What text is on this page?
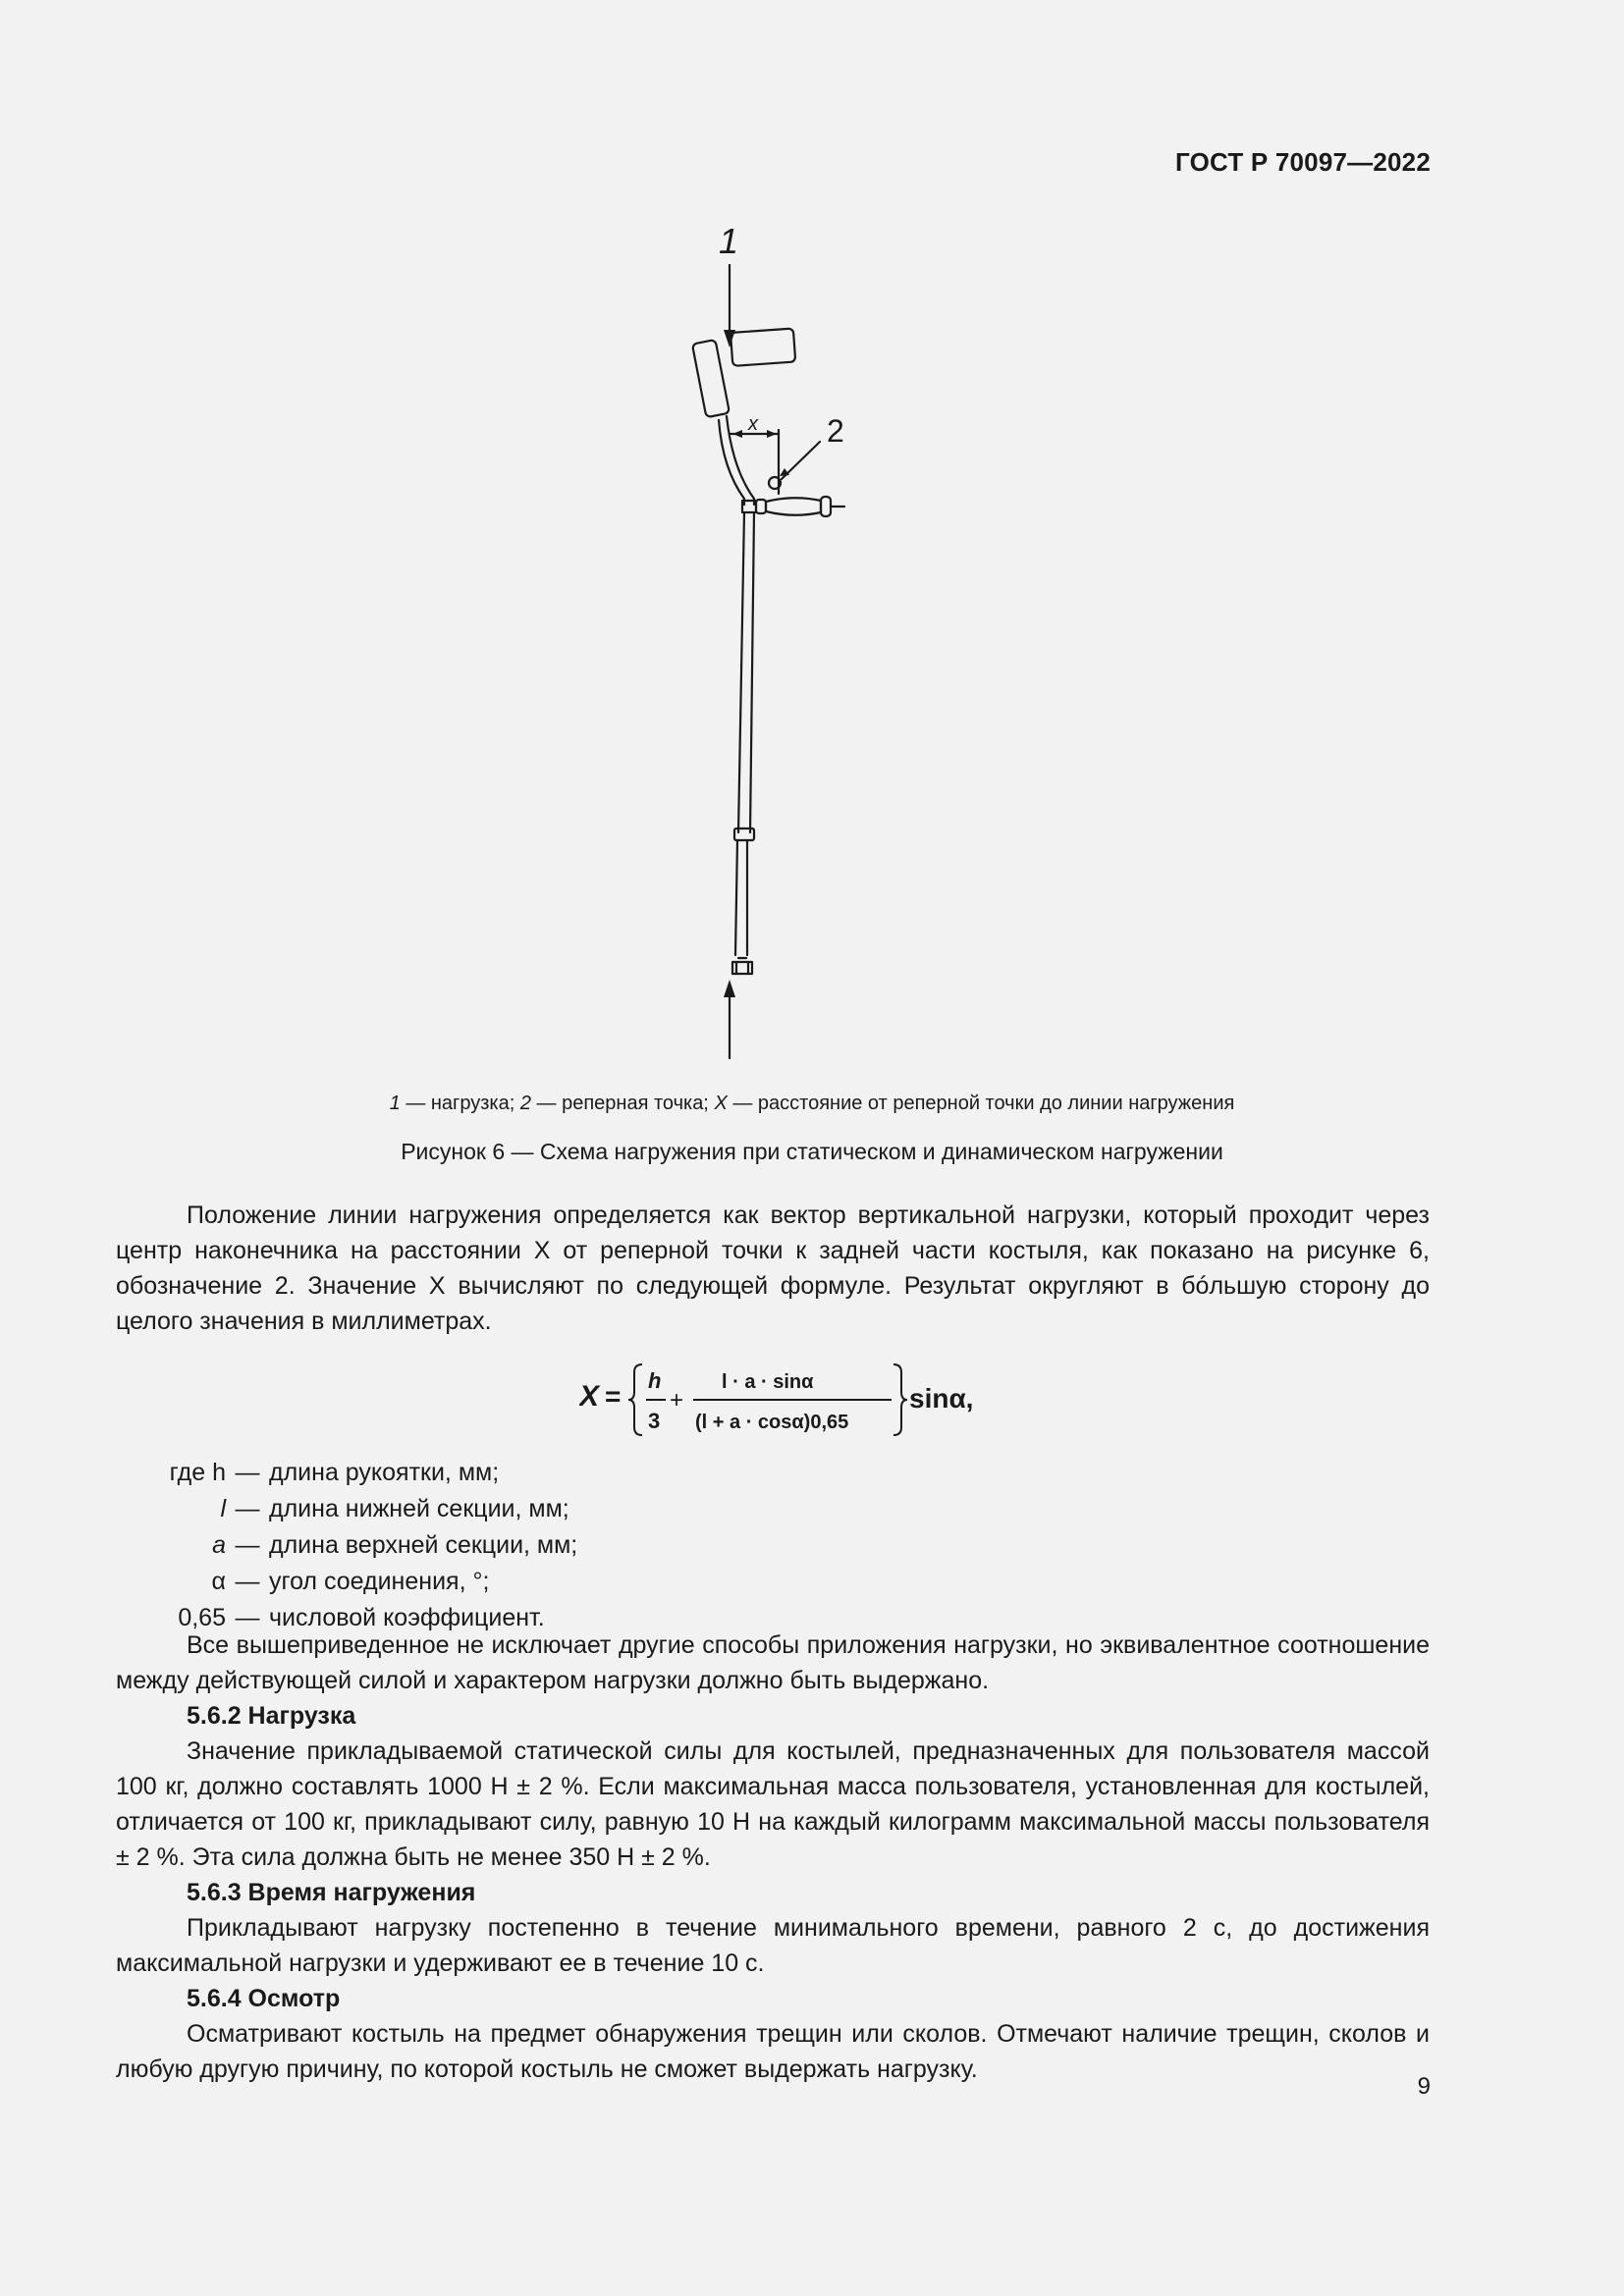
ГОСТ Р 70097—2022
1
x 2
1 — нагрузка; 2 — реперная точка; X — расстояние от реперной точки до линии нагружения
Рисунок 6 — Схема нагружения при статическом и динамическом нагружении

Положение линии нагружения определяется как вектор вертикальной нагрузки, который проходит через центр наконечника на расстоянии X от реперной точки к задней части костыля, как показано на рисунке 6, обозначение 2. Значение X вычисляют по следующей формуле. Результат округляют в бóльшую сторону до целого значения в миллиметрах.

X =
h
3
+
l · a · sinα
(l + a · cosα)0,65
sinα,
где h — длина рукоятки, мм;
l — длина нижней секции, мм;
a — длина верхней секции, мм;
α — угол соединения, °;
0,65 — числовой коэффициент.

Все вышеприведенное не исключает другие способы приложения нагрузки, но эквивалентное соотношение между действующей силой и характером нагрузки должно быть выдержано.

5.6.2 Нагрузка

Значение прикладываемой статической силы для костылей, предназначенных для пользователя массой 100 кг, должно составлять 1000 Н ± 2 %. Если максимальная масса пользователя, установленная для костылей, отличается от 100 кг, прикладывают силу, равную 10 Н на каждый килограмм максимальной массы пользователя ± 2 %. Эта сила должна быть не менее 350 Н ± 2 %.

5.6.3 Время нагружения

Прикладывают нагрузку постепенно в течение минимального времени, равного 2 с, до достижения максимальной нагрузки и удерживают ее в течение 10 с.

5.6.4 Осмотр

Осматривают костыль на предмет обнаружения трещин или сколов. Отмечают наличие трещин, сколов и любую другую причину, по которой костыль не сможет выдержать нагрузку.

9
